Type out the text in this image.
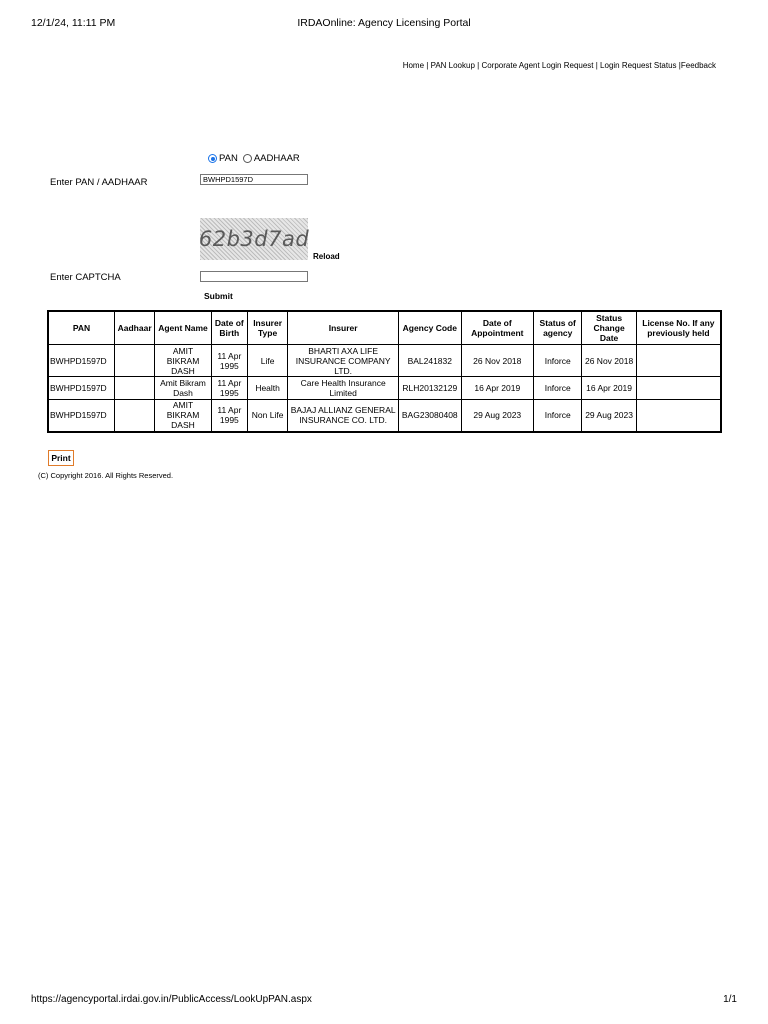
12/1/24, 11:11 PM	IRDAOnline: Agency Licensing Portal
Home | PAN Lookup | Corporate Agent Login Request | Login Request Status |Feedback
PAN AADHAAR
Enter PAN / AADHAAR	BWHPD1597D
62b3d7ad
Reload
Enter CAPTCHA
Submit
PAN	Aadhaar	Agent Name	Date of Birth	Insurer Type	Insurer	Agency Code	Date of Appointment	Status of agency	Status Change Date	License No. If any previously held
BWHPD1597D		AMIT BIKRAM DASH	11 Apr 1995	Life	BHARTI AXA LIFE INSURANCE COMPANY LTD.	BAL241832	26 Nov 2018	Inforce	26 Nov 2018	
BWHPD1597D		Amit Bikram Dash	11 Apr 1995	Health	Care Health Insurance Limited	RLH20132129	16 Apr 2019	Inforce	16 Apr 2019	
BWHPD1597D		AMIT BIKRAM DASH	11 Apr 1995	Non Life	BAJAJ ALLIANZ GENERAL INSURANCE CO. LTD.	BAG23080408	29 Aug 2023	Inforce	29 Aug 2023	
Print
(C) Copyright 2016. All Rights Reserved.
https://agencyportal.irdai.gov.in/PublicAccess/LookUpPAN.aspx	1/1
